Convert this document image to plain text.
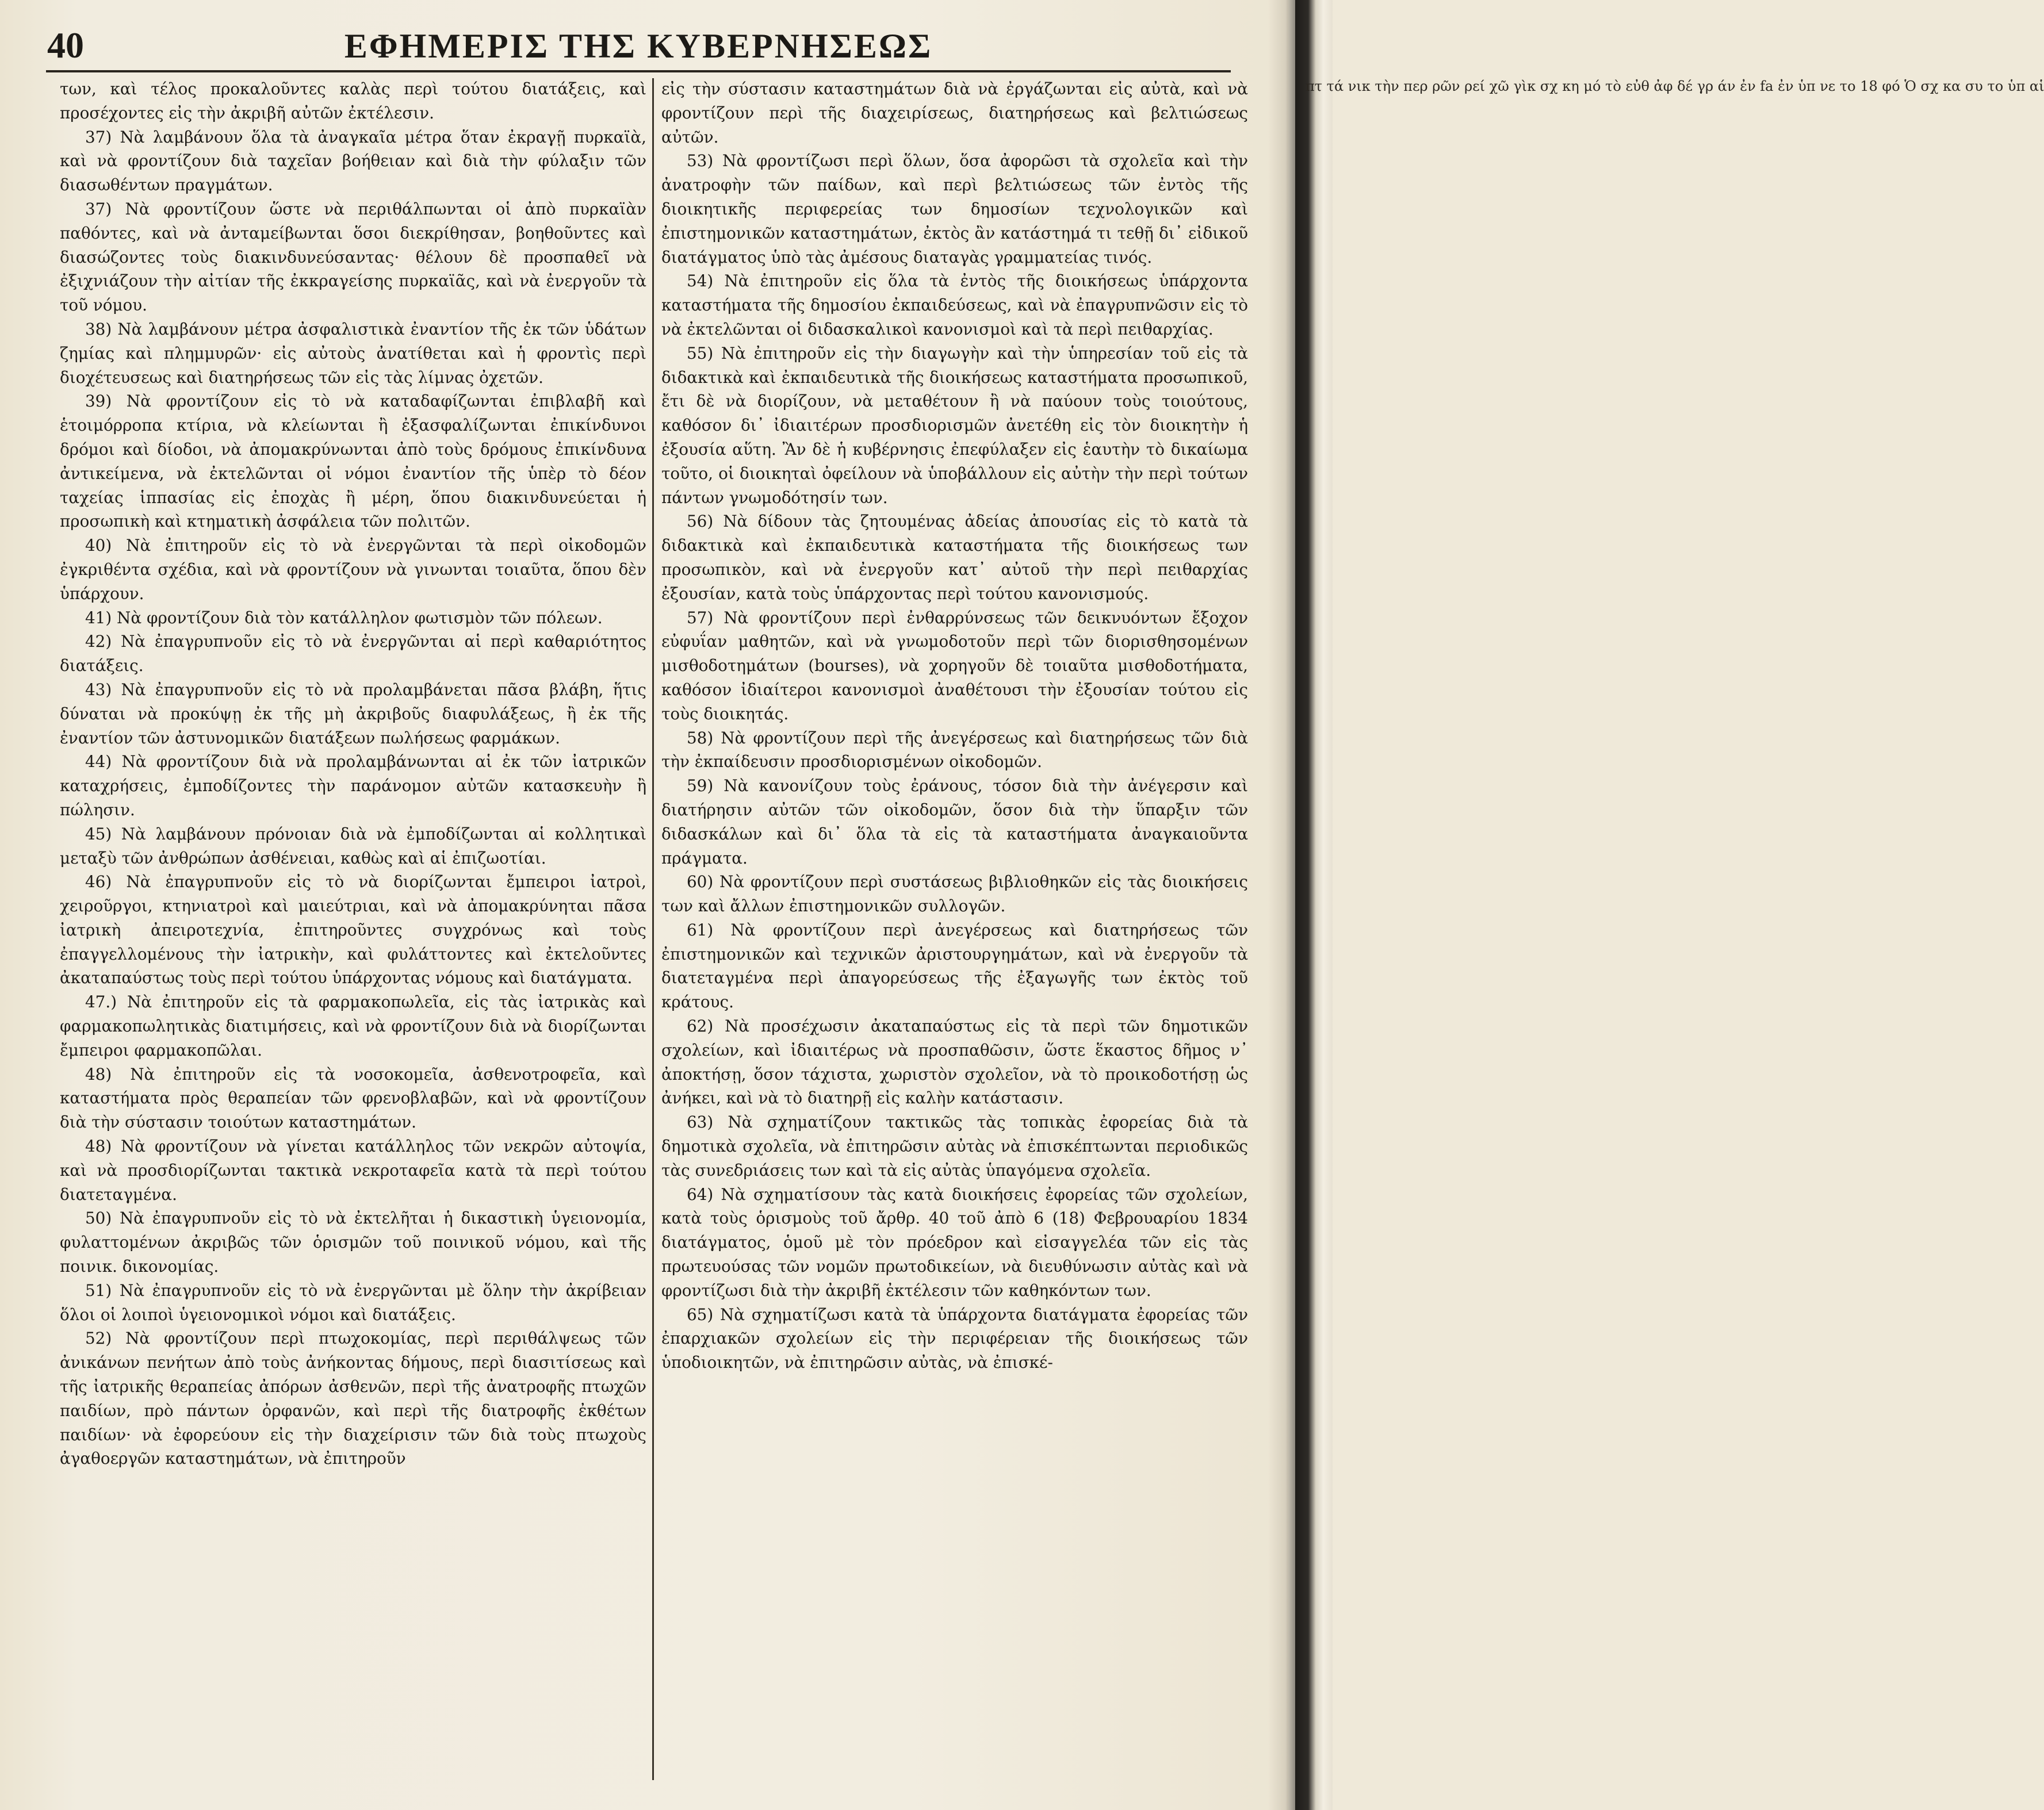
40	ΕΦΗΜΕΡΙΣ ΤΗΣ ΚΥΒΕΡΝΗΣΕΩΣ

των, καὶ τέλος προκαλοῦντες καλὰς περὶ τούτου διατάξεις, καὶ προσέχοντες εἰς τὴν ἀκριβῆ αὐτῶν ἐκτέλεσιν.

37) Νὰ λαμβάνουν ὅλα τὰ ἀναγκαῖα μέτρα ὅταν ἐκραγῇ πυρκαϊὰ, καὶ νὰ φροντίζουν διὰ ταχεῖαν βοήθειαν καὶ διὰ τὴν φύλαξιν τῶν διασωθέντων πραγμάτων.

37) Νὰ φροντίζουν ὥστε νὰ περιθάλπωνται οἱ ἀπὸ πυρκαϊὰν παθόντες, καὶ νὰ ἀνταμείβωνται ὅσοι διεκρίθησαν, βοηθοῦντες καὶ διασώζοντες τοὺς διακινδυνεύσαντας· θέλουν δὲ προσπαθεῖ νὰ ἐξιχνιάζουν τὴν αἰτίαν τῆς ἐκκραγείσης πυρκαϊᾶς, καὶ νὰ ἐνεργοῦν τὰ τοῦ νόμου.

38) Νὰ λαμβάνουν μέτρα ἀσφαλιστικὰ ἐναντίον τῆς ἐκ τῶν ὑδάτων ζημίας καὶ πλημμυρῶν· εἰς αὐτοὺς ἀνατίθεται καὶ ἡ φροντὶς περὶ διοχέτευσεως καὶ διατηρήσεως τῶν εἰς τὰς λίμνας ὀχετῶν.

39) Νὰ φροντίζουν εἰς τὸ νὰ καταδαφίζωνται ἐπιβλαβῆ καὶ ἑτοιμόρροπα κτίρια, νὰ κλείωνται ἢ ἐξασφαλίζωνται ἐπικίνδυνοι δρόμοι καὶ δίοδοι, νὰ ἀπομακρύνωνται ἀπὸ τοὺς δρόμους ἐπικίνδυνα ἀντικείμενα, νὰ ἐκτελῶνται οἱ νόμοι ἐναντίον τῆς ὑπὲρ τὸ δέον ταχείας ἱππασίας εἰς ἐποχὰς ἢ μέρη, ὅπου διακινδυνεύεται ἡ προσωπικὴ καὶ κτηματικὴ ἀσφάλεια τῶν πολιτῶν.

40) Νὰ ἐπιτηροῦν εἰς τὸ νὰ ἐνεργῶνται τὰ περὶ οἰκοδομῶν ἐγκριθέντα σχέδια, καὶ νὰ φροντίζουν νὰ γινωνται τοιαῦτα, ὅπου δὲν ὑπάρχουν.

41) Νὰ φροντίζουν διὰ τὸν κατάλληλον φωτισμὸν τῶν πόλεων.

42) Νὰ ἐπαγρυπνοῦν εἰς τὸ νὰ ἐνεργῶνται αἱ περὶ καθαριότητος διατάξεις.

43) Νὰ ἐπαγρυπνοῦν εἰς τὸ νὰ προλαμβάνεται πᾶσα βλάβη, ἥτις δύναται νὰ προκύψῃ ἐκ τῆς μὴ ἀκριβοῦς διαφυλάξεως, ἢ ἐκ τῆς ἐναντίον τῶν ἀστυνομικῶν διατάξεων πωλήσεως φαρμάκων.

44) Νὰ φροντίζουν διὰ νὰ προλαμβάνωνται αἱ ἐκ τῶν ἰατρικῶν καταχρήσεις, ἐμποδίζοντες τὴν παράνομον αὐτῶν κατασκευὴν ἢ πώλησιν.

45) Νὰ λαμβάνουν πρόνοιαν διὰ νὰ ἐμποδίζωνται αἱ κολλητικαὶ μεταξὺ τῶν ἀνθρώπων ἀσθένειαι, καθὼς καὶ αἱ ἐπιζωοτίαι.

46) Νὰ ἐπαγρυπνοῦν εἰς τὸ νὰ διορίζωνται ἔμπειροι ἰατροὶ, χειροῦργοι, κτηνιατροὶ καὶ μαιεύτριαι, καὶ νὰ ἀπομακρύνηται πᾶσα ἰατρικὴ ἀπειροτεχνία, ἐπιτηροῦντες συγχρόνως καὶ τοὺς ἐπαγγελλομένους τὴν ἰατρικὴν, καὶ φυλάττοντες καὶ ἐκτελοῦντες ἀκαταπαύστως τοὺς περὶ τούτου ὑπάρχοντας νόμους καὶ διατάγματα.

47.) Νὰ ἐπιτηροῦν εἰς τὰ φαρμακοπωλεῖα, εἰς τὰς ἰατρικὰς καὶ φαρμακοπωλητικὰς διατιμήσεις, καὶ νὰ φροντίζουν διὰ νὰ διορίζωνται ἔμπειροι φαρμακοπῶλαι.

48) Νὰ ἐπιτηροῦν εἰς τὰ νοσοκομεῖα, ἀσθενοτροφεῖα, καὶ καταστήματα πρὸς θεραπείαν τῶν φρενοβλαβῶν, καὶ νὰ φροντίζουν διὰ τὴν σύστασιν τοιούτων καταστημάτων.

48) Νὰ φροντίζουν νὰ γίνεται κατάλληλος τῶν νεκρῶν αὐτοψία, καὶ νὰ προσδιορίζωνται τακτικὰ νεκροταφεῖα κατὰ τὰ περὶ τούτου διατεταγμένα.

50) Νὰ ἐπαγρυπνοῦν εἰς τὸ νὰ ἐκτελῆται ἡ δικαστικὴ ὑγειονομία, φυλαττομένων ἀκριβῶς τῶν ὁρισμῶν τοῦ ποινικοῦ νόμου, καὶ τῆς ποινικ. δικονομίας.

51) Νὰ ἐπαγρυπνοῦν εἰς τὸ νὰ ἐνεργῶνται μὲ ὅλην τὴν ἀκρίβειαν ὅλοι οἱ λοιποὶ ὑγειονομικοὶ νόμοι καὶ διατάξεις.

52) Νὰ φροντίζουν περὶ πτωχοκομίας, περὶ περιθάλψεως τῶν ἀνικάνων πενήτων ἀπὸ τοὺς ἀνήκοντας δήμους, περὶ διασιτίσεως καὶ τῆς ἰατρικῆς θεραπείας ἀπόρων ἀσθενῶν, περὶ τῆς ἀνατροφῆς πτωχῶν παιδίων, πρὸ πάντων ὀρφανῶν, καὶ περὶ τῆς διατροφῆς ἐκθέτων παιδίων· νὰ ἐφορεύουν εἰς τὴν διαχείρισιν τῶν διὰ τοὺς πτωχοὺς ἀγαθοεργῶν καταστημάτων, νὰ ἐπιτηροῦν

εἰς τὴν σύστασιν καταστημάτων διὰ νὰ ἐργάζωνται εἰς αὐτὰ, καὶ νὰ φροντίζουν περὶ τῆς διαχειρίσεως, διατηρήσεως καὶ βελτιώσεως αὐτῶν.

53) Νὰ φροντίζωσι περὶ ὅλων, ὅσα ἀφορῶσι τὰ σχολεῖα καὶ τὴν ἀνατροφὴν τῶν παίδων, καὶ περὶ βελτιώσεως τῶν ἐντὸς τῆς διοικητικῆς περιφερείας των δημοσίων τεχνολογικῶν καὶ ἐπιστημονικῶν καταστημάτων, ἐκτὸς ἂν κατάστημά τι τεθῇ δι᾽ εἰδικοῦ διατάγματος ὑπὸ τὰς ἀμέσους διαταγὰς γραμματείας τινός.

54) Νὰ ἐπιτηροῦν εἰς ὅλα τὰ ἐντὸς τῆς διοικήσεως ὑπάρχοντα καταστήματα τῆς δημοσίου ἐκπαιδεύσεως, καὶ νὰ ἐπαγρυπνῶσιν εἰς τὸ νὰ ἐκτελῶνται οἱ διδασκαλικοὶ κανονισμοὶ καὶ τὰ περὶ πειθαρχίας.

55) Νὰ ἐπιτηροῦν εἰς τὴν διαγωγὴν καὶ τὴν ὑπηρεσίαν τοῦ εἰς τὰ διδακτικὰ καὶ ἐκπαιδευτικὰ τῆς διοικήσεως καταστήματα προσωπικοῦ, ἔτι δὲ νὰ διορίζουν, νὰ μεταθέτουν ἢ νὰ παύουν τοὺς τοιούτους, καθόσον δι᾽ ἰδιαιτέρων προσδιορισμῶν ἀνετέθη εἰς τὸν διοικητὴν ἡ ἐξουσία αὕτη. Ἂν δὲ ἡ κυβέρνησις ἐπεφύλαξεν εἰς ἑαυτὴν τὸ δικαίωμα τοῦτο, οἱ διοικηταὶ ὀφείλουν νὰ ὑποβάλλουν εἰς αὐτὴν τὴν περὶ τούτων πάντων γνωμοδότησίν των.

56) Νὰ δίδουν τὰς ζητουμένας ἀδείας ἀπουσίας εἰς τὸ κατὰ τὰ διδακτικὰ καὶ ἐκπαιδευτικὰ καταστήματα τῆς διοικήσεως των προσωπικὸν, καὶ νὰ ἐνεργοῦν κατ᾽ αὐτοῦ τὴν περὶ πειθαρχίας ἐξουσίαν, κατὰ τοὺς ὑπάρχοντας περὶ τούτου κανονισμούς.

57) Νὰ φροντίζουν περὶ ἐνθαρρύνσεως τῶν δεικνυόντων ἔξοχον εὐφυΐαν μαθητῶν, καὶ νὰ γνωμοδοτοῦν περὶ τῶν διορισθησομένων μισθοδοτημάτων (bourses), νὰ χορηγοῦν δὲ τοιαῦτα μισθοδοτήματα, καθόσον ἰδιαίτεροι κανονισμοὶ ἀναθέτουσι τὴν ἐξουσίαν τούτου εἰς τοὺς διοικητάς.

58) Νὰ φροντίζουν περὶ τῆς ἀνεγέρσεως καὶ διατηρήσεως τῶν διὰ τὴν ἐκπαίδευσιν προσδιορισμένων οἰκοδομῶν.

59) Νὰ κανονίζουν τοὺς ἐράνους, τόσον διὰ τὴν ἀνέγερσιν καὶ διατήρησιν αὐτῶν τῶν οἰκοδομῶν, ὅσον διὰ τὴν ὕπαρξιν τῶν διδασκάλων καὶ δι᾽ ὅλα τὰ εἰς τὰ καταστήματα ἀναγκαιοῦντα πράγματα.

60) Νὰ φροντίζουν περὶ συστάσεως βιβλιοθηκῶν εἰς τὰς διοικήσεις των καὶ ἄλλων ἐπιστημονικῶν συλλογῶν.

61) Νὰ φροντίζουν περὶ ἀνεγέρσεως καὶ διατηρήσεως τῶν ἐπιστημονικῶν καὶ τεχνικῶν ἀριστουργημάτων, καὶ νὰ ἐνεργοῦν τὰ διατεταγμένα περὶ ἀπαγορεύσεως τῆς ἐξαγωγῆς των ἐκτὸς τοῦ κράτους.

62) Νὰ προσέχωσιν ἀκαταπαύστως εἰς τὰ περὶ τῶν δημοτικῶν σχολείων, καὶ ἰδιαιτέρως νὰ προσπαθῶσιν, ὥστε ἕκαστος δῆμος ν᾽ ἀποκτήσῃ, ὅσον τάχιστα, χωριστὸν σχολεῖον, νὰ τὸ προικοδοτήσῃ ὡς ἀνήκει, καὶ νὰ τὸ διατηρῇ εἰς καλὴν κατάστασιν.

63) Νὰ σχηματίζουν τακτικῶς τὰς τοπικὰς ἐφορείας διὰ τὰ δημοτικὰ σχολεῖα, νὰ ἐπιτηρῶσιν αὐτὰς νὰ ἐπισκέπτωνται περιοδικῶς τὰς συνεδριάσεις των καὶ τὰ εἰς αὐτὰς ὑπαγόμενα σχολεῖα.

64) Νὰ σχηματίσουν τὰς κατὰ διοικήσεις ἐφορείας τῶν σχολείων, κατὰ τοὺς ὁρισμοὺς τοῦ ἄρθρ. 40 τοῦ ἀπὸ 6 (18) Φεβρουαρίου 1834 διατάγματος, ὁμοῦ μὲ τὸν πρόεδρον καὶ εἰσαγγελέα τῶν εἰς τὰς πρωτευούσας τῶν νομῶν πρωτοδικείων, νὰ διευθύνωσιν αὐτὰς καὶ νὰ φροντίζωσι διὰ τὴν ἀκριβῆ ἐκτέλεσιν τῶν καθηκόντων των.

65) Νὰ σχηματίζωσι κατὰ τὰ ὑπάρχοντα διατάγματα ἐφορείας τῶν ἐπαρχιακῶν σχολείων εἰς τὴν περιφέρειαν τῆς διοικήσεως τῶν ὑποδιοικητῶν, νὰ ἐπιτηρῶσιν αὐτὰς, νὰ ἐπισκέ-

πτ τά νικ τὴν περ ρῶν ρεί χῶ γὶκ σχ κη μό τὸ εὐθ ἀφ δέ γρ άν ἐν fa ἐν ὑπ νε το 18 φό Ὁ σχ κα συ το ὑπ αἱ
